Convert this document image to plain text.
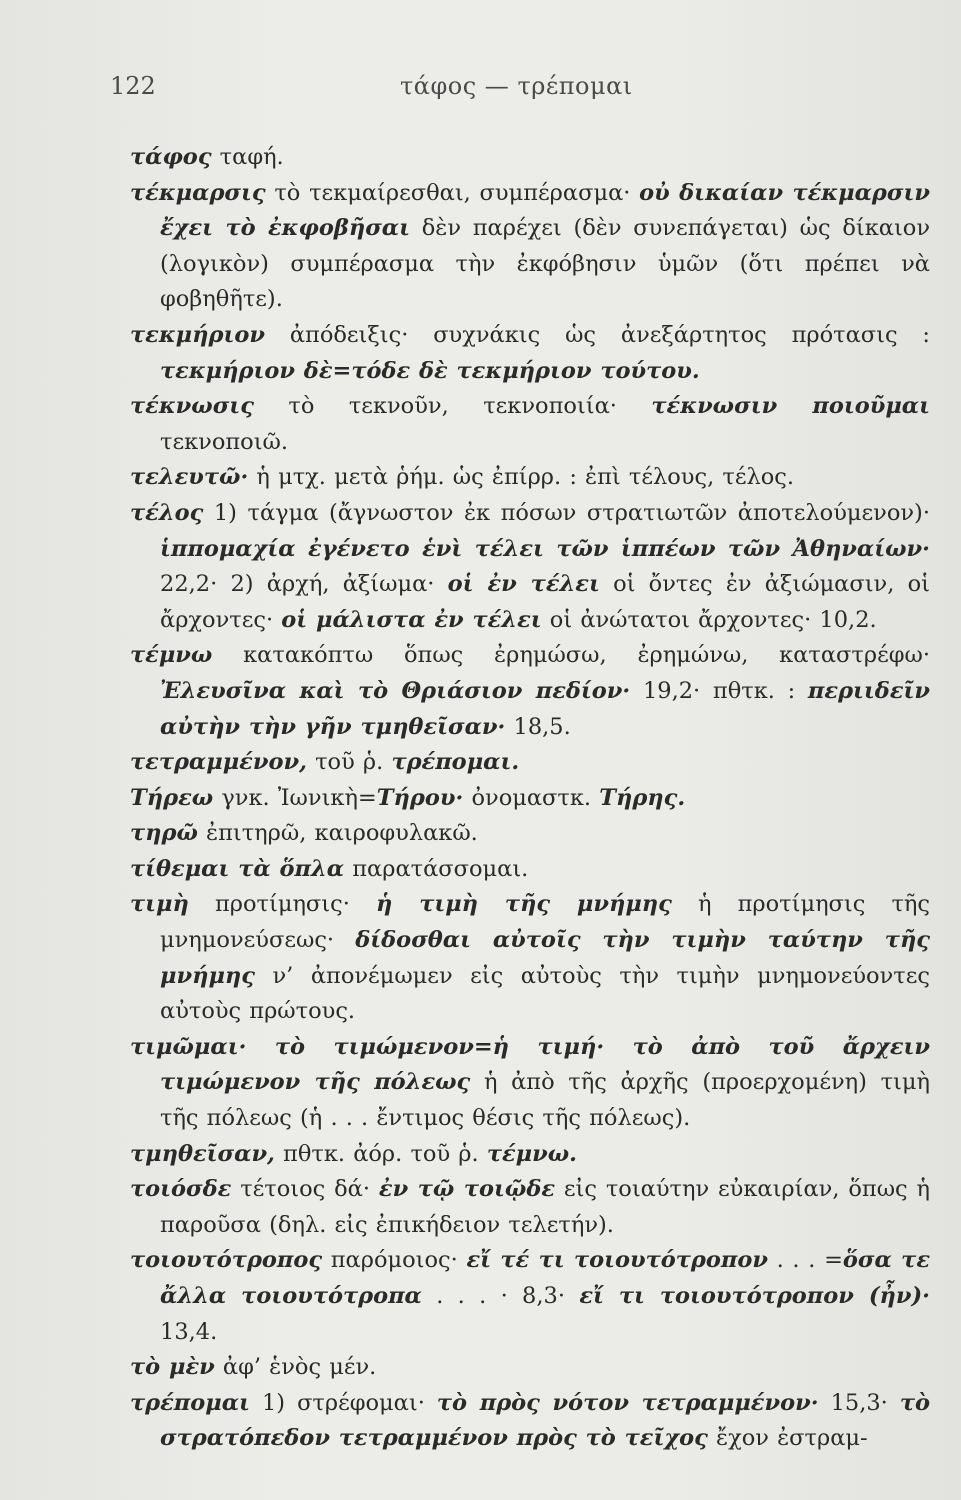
122	τάφος — τρέπομαι
τάφος ταφή.
τέκμαρσις τὸ τεκμαίρεσθαι, συμπέρασμα· οὐ δικαίαν τέκμαρσιν ἔχει τὸ ἐκφοβῆσαι δὲν παρέχει (δὲν συνεπάγεται) ὡς δίκαιον (λογικὸν) συμπέρασμα τὴν ἐκφόβησιν ὑμῶν (ὅτι πρέπει νὰ φοβηθῆτε).
τεκμήριον ἀπόδειξις· συχνάκις ὡς ἀνεξάρτητος πρότασις : τεκμήριον δὲ=τόδε δὲ τεκμήριον τούτου.
τέκνωσις τὸ τεκνοῦν, τεκνοποιία· τέκνωσιν ποιοῦμαι τεκνοποιῶ.
τελευτῶ· ἡ μτχ. μετὰ ῥήμ. ὡς ἐπίρρ. : ἐπὶ τέλους, τέλος.
τέλος 1) τάγμα (ἄγνωστον ἐκ πόσων στρατιωτῶν ἀποτελούμενον)· ἱππομαχία ἐγένετο ἑνὶ τέλει τῶν ἱππέων τῶν Ἀθηναίων· 22,2· 2) ἀρχή, ἀξίωμα· οἱ ἐν τέλει οἱ ὄντες ἐν ἀξιώμασιν, οἱ ἄρχοντες· οἱ μάλιστα ἐν τέλει οἱ ἀνώτατοι ἄρχοντες· 10,2.
τέμνω κατακόπτω ὅπως ἐρημώσω, ἐρημώνω, καταστρέφω· Ἐλευσῖνα καὶ τὸ Θριάσιον πεδίον· 19,2· πθτκ. : περιιδεῖν αὐτὴν τὴν γῆν τμηθεῖσαν· 18,5.
τετραμμένον, τοῦ ῥ. τρέπομαι.
Τήρεω γνκ. Ἰωνικὴ=Τήρου· ὀνομαστκ. Τήρης.
τηρῶ ἐπιτηρῶ, καιροφυλακῶ.
τίθεμαι τὰ ὅπλα παρατάσσομαι.
τιμὴ προτίμησις· ἡ τιμὴ τῆς μνήμης ἡ προτίμησις τῆς μνημονεύσεως· δίδοσθαι αὐτοῖς τὴν τιμὴν ταύτην τῆς μνήμης ν’ ἀπονέμωμεν εἰς αὐτοὺς τὴν τιμὴν μνημονεύοντες αὐτοὺς πρώτους.
τιμῶμαι· τὸ τιμώμενον=ἡ τιμή· τὸ ἀπὸ τοῦ ἄρχειν τιμώμενον τῆς πόλεως ἡ ἀπὸ τῆς ἀρχῆς (προερχομένη) τιμὴ τῆς πόλεως (ἡ . . . ἔντιμος θέσις τῆς πόλεως).
τμηθεῖσαν, πθτκ. ἀόρ. τοῦ ῥ. τέμνω.
τοιόσδε τέτοιος δά· ἐν τῷ τοιῷδε εἰς τοιαύτην εὐκαιρίαν, ὅπως ἡ παροῦσα (δηλ. εἰς ἐπικήδειον τελετήν).
τοιουτότροπος παρόμοιος· εἴ τέ τι τοιουτότροπον . . . =ὅσα τε ἄλλα τοιουτότροπα . . . · 8,3· εἴ τι τοιουτότροπον (ἦν)· 13,4.
τὸ μὲν ἀφ’ ἑνὸς μέν.
τρέπομαι 1) στρέφομαι· τὸ πρὸς νότον τετραμμένον· 15,3· τὸ στρατόπεδον τετραμμένον πρὸς τὸ τεῖχος ἔχον ἐστραμ-
